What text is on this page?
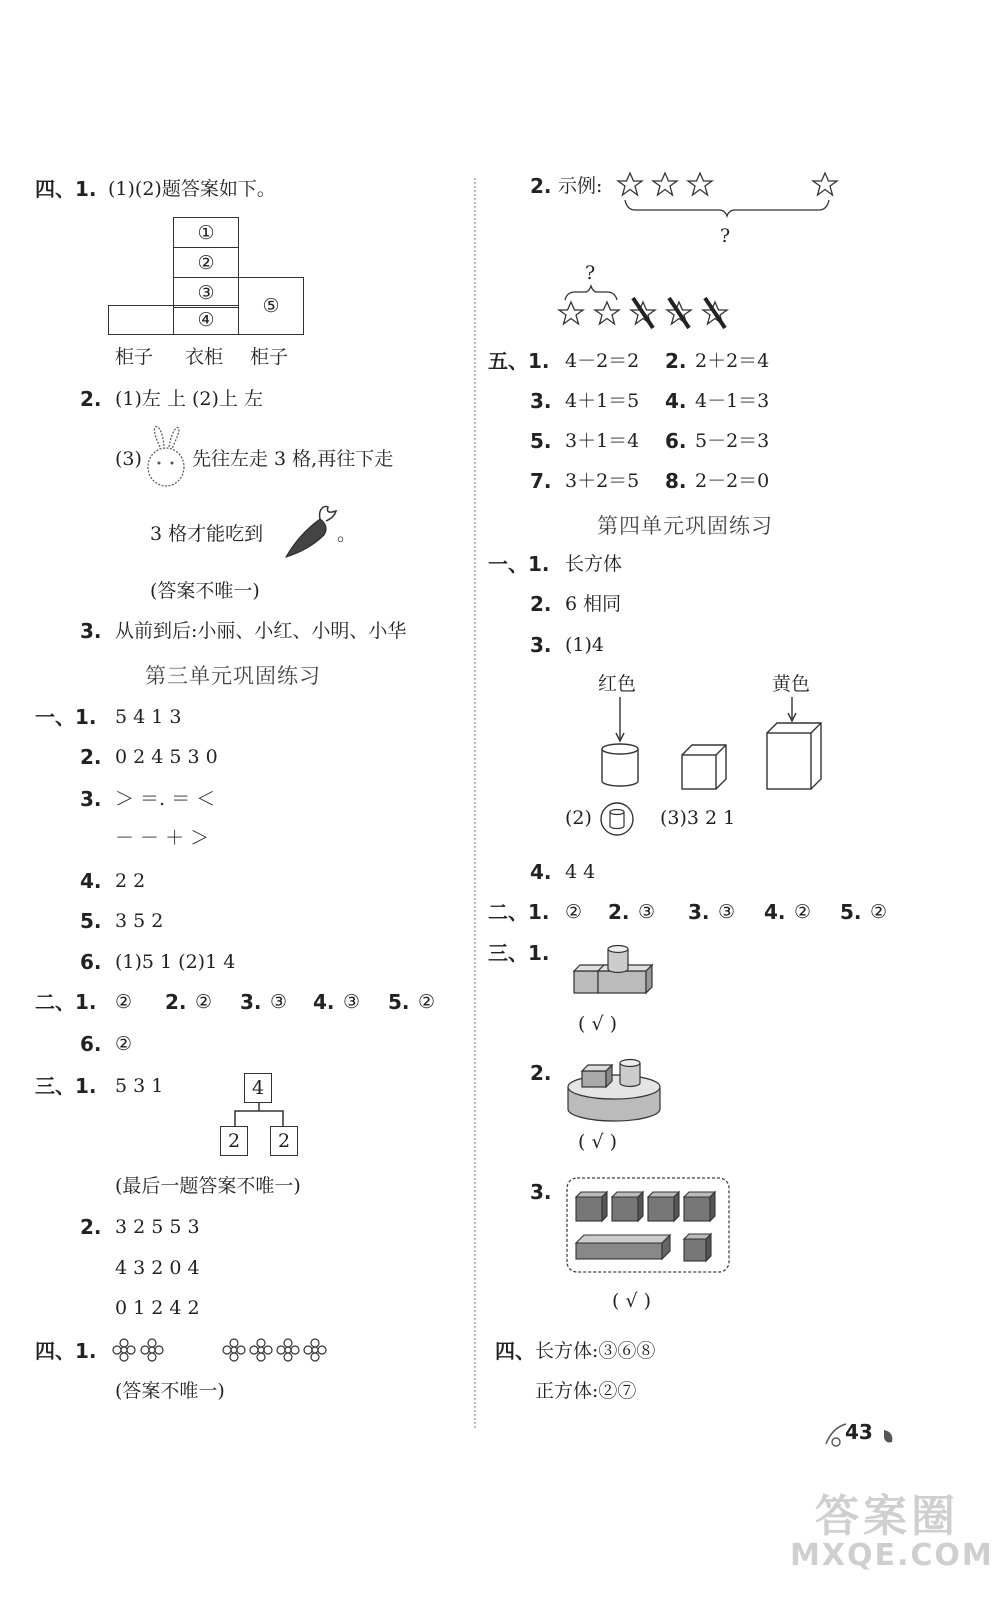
四、1. (1)(2)题答案如下。
①
②
③
④
⑤
柜子 衣柜 柜子
2. (1)左 上 (2)上 左
(3)	先往左走 3 格,再往下走
3 格才能吃到	。
(答案不唯一)
3. 从前到后:小丽、小红、小明、小华
第三单元巩固练习
一、1. 5 4 1 3
2. 0 2 4 5 3 0
3. ＞ ＝. ＝ ＜
－ － ＋ ＞
4. 2 2
5. 3 5 2
6. (1)5 1 (2)1 4
二、1. ② 2. ② 3. ③ 4. ③ 5. ②
6. ②
三、1. 5 3 1	4
2	2
(最后一题答案不唯一)
2. 3 2 5 5 3
4 3 2 0 4
0 1 2 4 2
四、1.
(答案不唯一)
2. 示例:
?
?
五、1. 4－2＝2 2. 2＋2＝4
3. 4＋1＝5 4. 4－1＝3
5. 3＋1＝4 6. 5－2＝3
7. 3＋2＝5 8. 2－2＝0
第四单元巩固练习
一、1. 长方体
2. 6 相同
3. (1)4
红色	黄色
(2)	(3)3 2 1
4. 4 4
二、1. ② 2. ③ 3. ③ 4. ② 5. ②
三、1.
( √ )
2.
( √ )
3.
( √ )
四、 长方体:③⑥⑧
正方体:②⑦
43
答案圈
MXQE.COM
